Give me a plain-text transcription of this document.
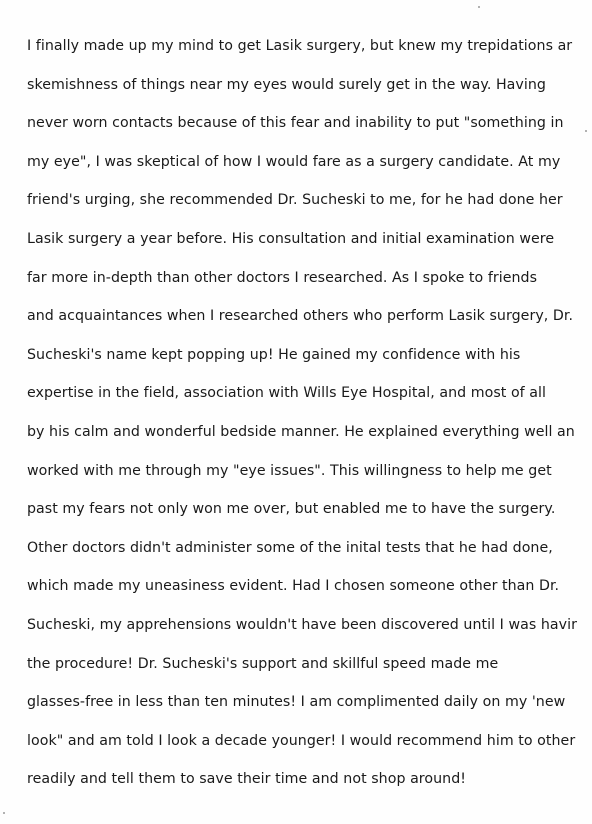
I finally made up my mind to get Lasik surgery, but knew my trepidations ar
skemishness of things near my eyes would surely get in the way. Having
never worn contacts because of this fear and inability to put "something in
my eye", I was skeptical of how I would fare as a surgery candidate. At my
friend's urging, she recommended Dr. Sucheski to me, for he had done her
Lasik surgery a year before. His consultation and initial examination were
far more in-depth than other doctors I researched. As I spoke to friends
and acquaintances when I researched others who perform Lasik surgery, Dr.
Sucheski's name kept popping up! He gained my confidence with his
expertise in the field, association with Wills Eye Hospital, and most of all
by his calm and wonderful bedside manner. He explained everything well an
worked with me through my "eye issues". This willingness to help me get
past my fears not only won me over, but enabled me to have the surgery.
Other doctors didn't administer some of the inital tests that he had done,
which made my uneasiness evident. Had I chosen someone other than Dr.
Sucheski, my apprehensions wouldn't have been discovered until I was havir
the procedure! Dr. Sucheski's support and skillful speed made me
glasses-free in less than ten minutes! I am complimented daily on my 'new
look" and am told I look a decade younger! I would recommend him to other
readily and tell them to save their time and not shop around!
